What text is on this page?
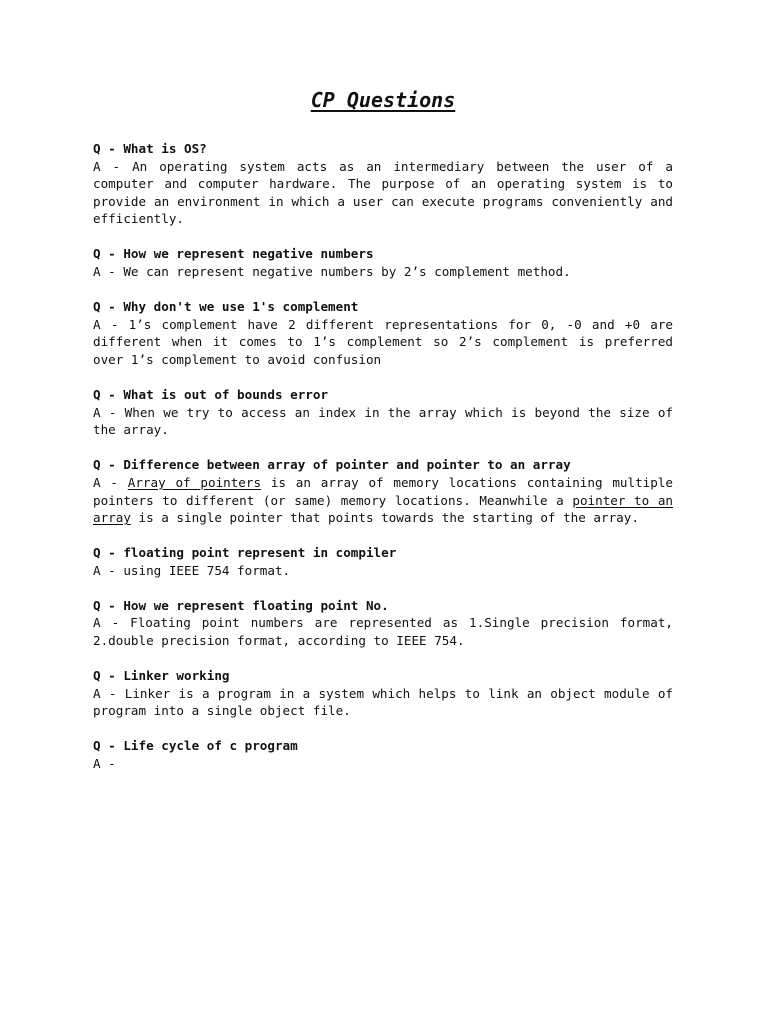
CP Questions

Q - What is OS?

A - An operating system acts as an intermediary between the user of a computer and computer hardware. The purpose of an operating system is to provide an environment in which a user can execute programs conveniently and efficiently.

Q - How we represent negative numbers

A - We can represent negative numbers by 2’s complement method.

Q - Why don't we use 1's complement

A - 1’s complement have 2 different representations for 0, -0 and +0 are different when it comes to 1’s complement so 2’s complement is preferred over 1’s complement to avoid confusion

Q - What is out of bounds error

A - When we try to access an index in the array which is beyond the size of the array.

Q - Difference between array of pointer and pointer to an array

A - Array of pointers is an array of memory locations containing multiple pointers to different (or same) memory locations. Meanwhile a pointer to an array is a single pointer that points towards the starting of the array.

Q - floating point represent in compiler

A - using IEEE 754 format.

Q - How we represent floating point No.

A - Floating point numbers are represented as 1.Single precision format, 2.double precision format, according to IEEE 754.

Q - Linker working

A - Linker is a program in a system which helps to link an object module of program into a single object file.

Q - Life cycle of c program

A -
